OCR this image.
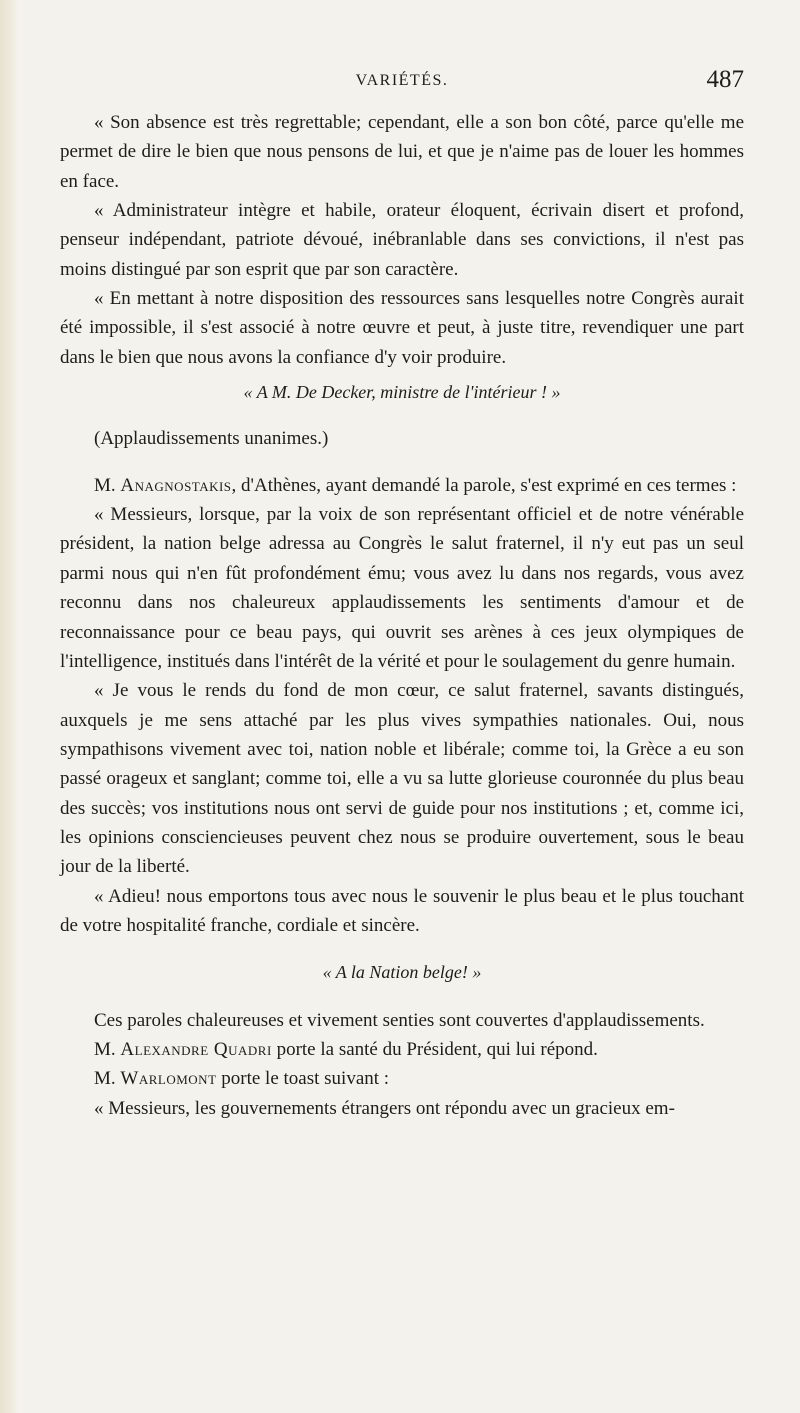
VARIÉTÉS.	487

« Son absence est très regrettable; cependant, elle a son bon côté, parce qu'elle me permet de dire le bien que nous pensons de lui, et que je n'aime pas de louer les hommes en face.

« Administrateur intègre et habile, orateur éloquent, écrivain disert et profond, penseur indépendant, patriote dévoué, inébranlable dans ses convictions, il n'est pas moins distingué par son esprit que par son caractère.

« En mettant à notre disposition des ressources sans lesquelles notre Congrès aurait été impossible, il s'est associé à notre œuvre et peut, à juste titre, revendiquer une part dans le bien que nous avons la confiance d'y voir produire.

« A M. De Decker, ministre de l'intérieur ! »

(Applaudissements unanimes.)

M. Anagnostakis, d'Athènes, ayant demandé la parole, s'est exprimé en ces termes :

« Messieurs, lorsque, par la voix de son représentant officiel et de notre vénérable président, la nation belge adressa au Congrès le salut fraternel, il n'y eut pas un seul parmi nous qui n'en fût profondément ému; vous avez lu dans nos regards, vous avez reconnu dans nos chaleureux applaudissements les sentiments d'amour et de reconnaissance pour ce beau pays, qui ouvrit ses arènes à ces jeux olympiques de l'intelligence, institués dans l'intérêt de la vérité et pour le soulagement du genre humain.

« Je vous le rends du fond de mon cœur, ce salut fraternel, savants distingués, auxquels je me sens attaché par les plus vives sympathies nationales. Oui, nous sympathisons vivement avec toi, nation noble et libérale; comme toi, la Grèce a eu son passé orageux et sanglant; comme toi, elle a vu sa lutte glorieuse couronnée du plus beau des succès; vos institutions nous ont servi de guide pour nos institutions ; et, comme ici, les opinions consciencieuses peuvent chez nous se produire ouvertement, sous le beau jour de la liberté.

« Adieu! nous emportons tous avec nous le souvenir le plus beau et le plus touchant de votre hospitalité franche, cordiale et sincère.

« A la Nation belge! »

Ces paroles chaleureuses et vivement senties sont couvertes d'applaudissements.

M. Alexandre Quadri porte la santé du Président, qui lui répond.

M. Warlomont porte le toast suivant :

« Messieurs, les gouvernements étrangers ont répondu avec un gracieux em-
